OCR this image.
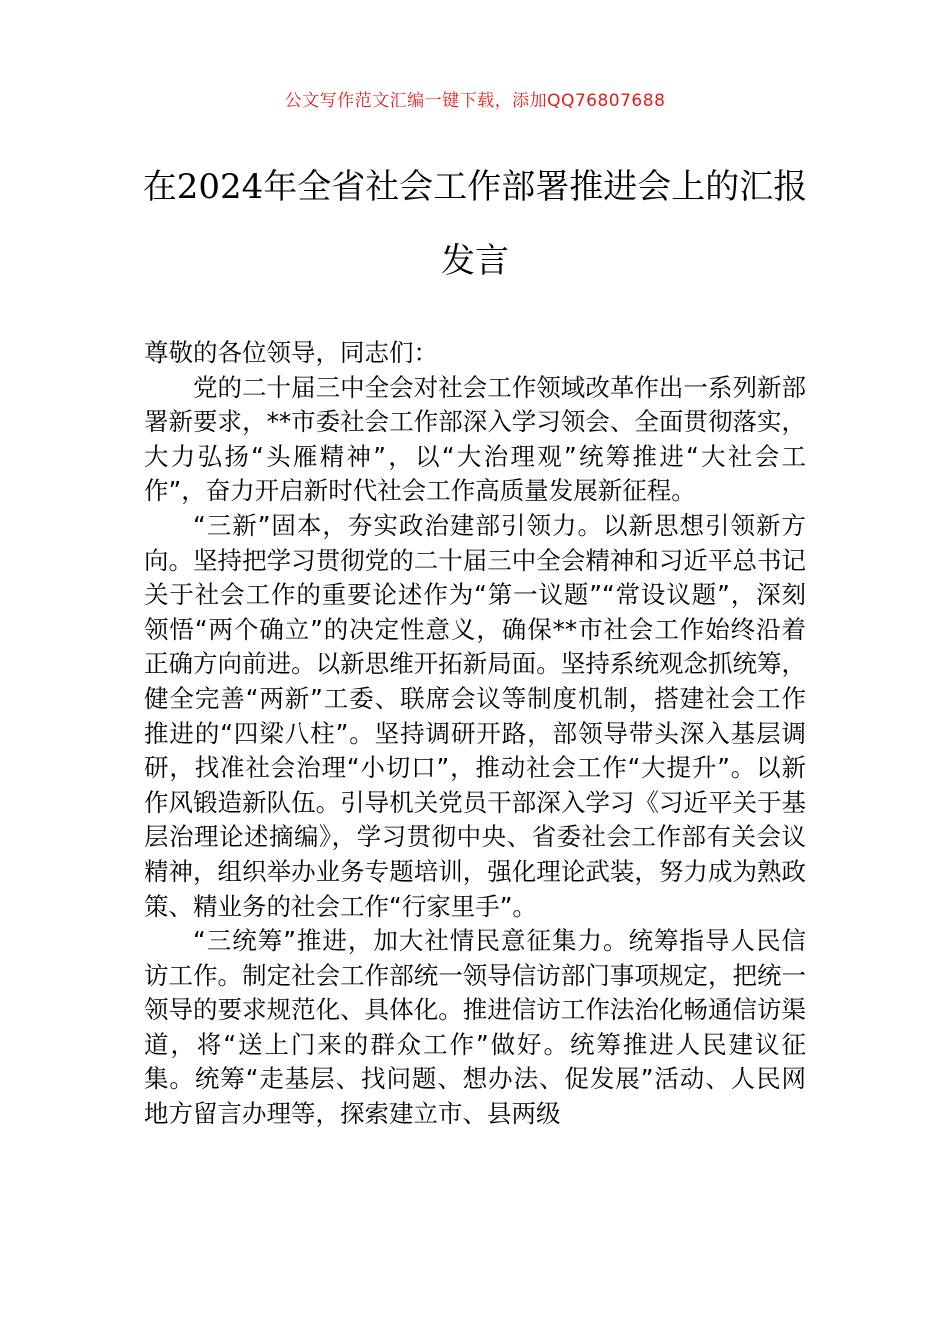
公文写作范文汇编一键下载，添加QQ76807688
在2024年全省社会工作部署推进会上的汇报发言

尊敬的各位领导，同志们：

党的二十届三中全会对社会工作领域改革作出一系列新部署新要求，**市委社会工作部深入学习领会、全面贯彻落实，大力弘扬“头雁精神”，以“大治理观”统筹推进“大社会工作”，奋力开启新时代社会工作高质量发展新征程。

“三新”固本，夯实政治建部引领力。以新思想引领新方向。坚持把学习贯彻党的二十届三中全会精神和习近平总书记关于社会工作的重要论述作为“第一议题”“常设议题”，深刻领悟“两个确立”的决定性意义，确保**市社会工作始终沿着正确方向前进。以新思维开拓新局面。坚持系统观念抓统筹，健全完善“两新”工委、联席会议等制度机制，搭建社会工作推进的“四梁八柱”。坚持调研开路，部领导带头深入基层调研，找准社会治理“小切口”，推动社会工作“大提升”。以新作风锻造新队伍。引导机关党员干部深入学习《习近平关于基层治理论述摘编》，学习贯彻中央、省委社会工作部有关会议精神，组织举办业务专题培训，强化理论武装，努力成为熟政策、精业务的社会工作“行家里手”。

“三统筹”推进，加大社情民意征集力。统筹指导人民信访工作。制定社会工作部统一领导信访部门事项规定，把统一领导的要求规范化、具体化。推进信访工作法治化畅通信访渠道，将“送上门来的群众工作”做好。统筹推进人民建议征集。统筹“走基层、找问题、想办法、促发展”活动、人民网地方留言办理等，探索建立市、县两级
